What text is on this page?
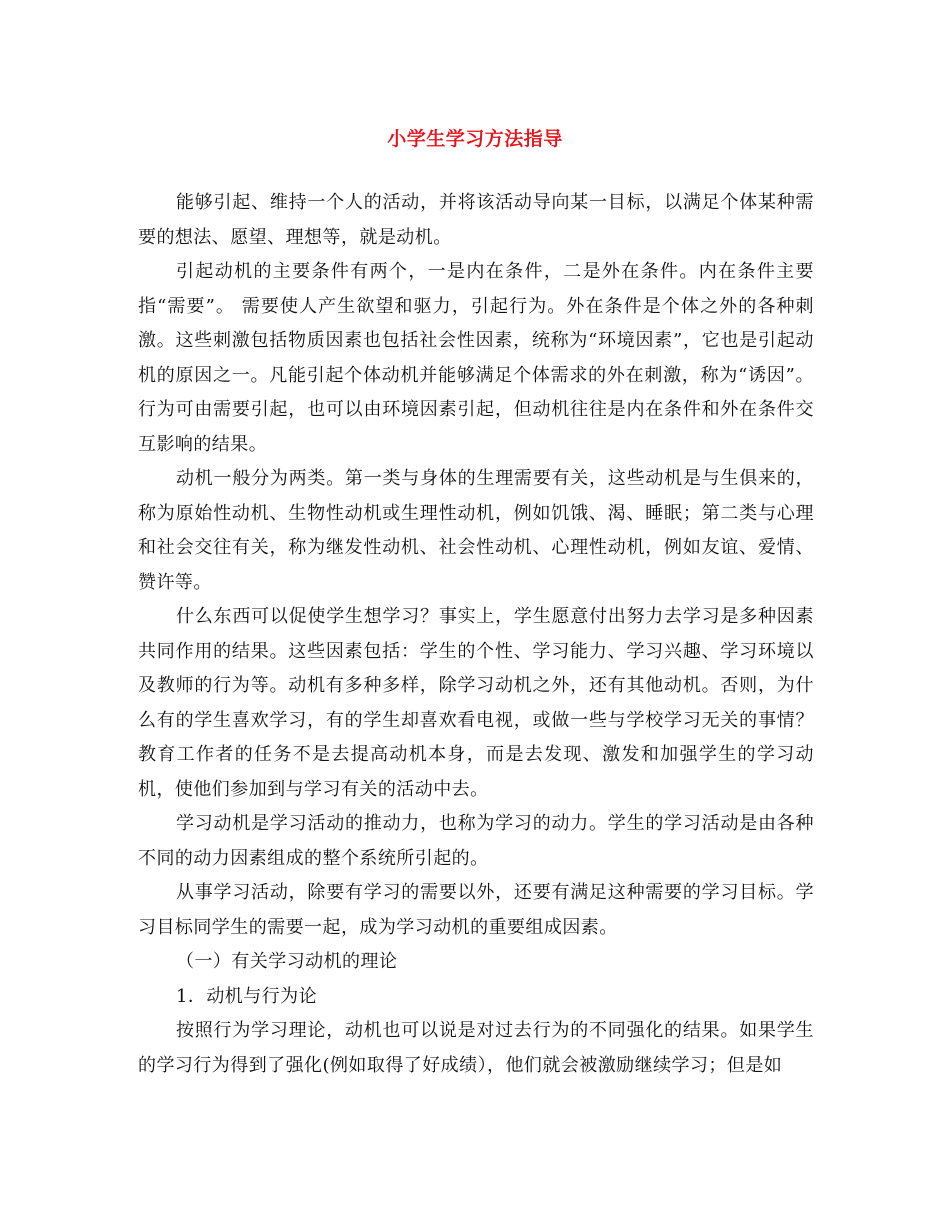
小学生学习方法指导

能够引起、维持一个人的活动，并将该活动导向某一目标，以满足个体某种需要的想法、愿望、理想等，就是动机。

引起动机的主要条件有两个，一是内在条件，二是外在条件。内在条件主要指“需要”。 需要使人产生欲望和驱力，引起行为。外在条件是个体之外的各种刺激。这些刺激包括物质因素也包括社会性因素，统称为“环境因素”，它也是引起动机的原因之一。凡能引起个体动机并能够满足个体需求的外在刺激，称为“诱因”。行为可由需要引起，也可以由环境因素引起，但动机往往是内在条件和外在条件交互影响的结果。

动机一般分为两类。第一类与身体的生理需要有关，这些动机是与生俱来的，称为原始性动机、生物性动机或生理性动机，例如饥饿、渴、睡眠；第二类与心理和社会交往有关，称为继发性动机、社会性动机、心理性动机，例如友谊、爱情、赞许等。

什么东西可以促使学生想学习？事实上，学生愿意付出努力去学习是多种因素共同作用的结果。这些因素包括：学生的个性、学习能力、学习兴趣、学习环境以及教师的行为等。动机有多种多样，除学习动机之外，还有其他动机。否则，为什么有的学生喜欢学习，有的学生却喜欢看电视，或做一些与学校学习无关的事情？教育工作者的任务不是去提高动机本身，而是去发现、激发和加强学生的学习动机，使他们参加到与学习有关的活动中去。

学习动机是学习活动的推动力，也称为学习的动力。学生的学习活动是由各种不同的动力因素组成的整个系统所引起的。

从事学习活动，除要有学习的需要以外，还要有满足这种需要的学习目标。学习目标同学生的需要一起，成为学习动机的重要组成因素。

（一）有关学习动机的理论

1．动机与行为论

按照行为学习理论，动机也可以说是对过去行为的不同强化的结果。如果学生的学习行为得到了强化(例如取得了好成绩），他们就会被激励继续学习；但是如
